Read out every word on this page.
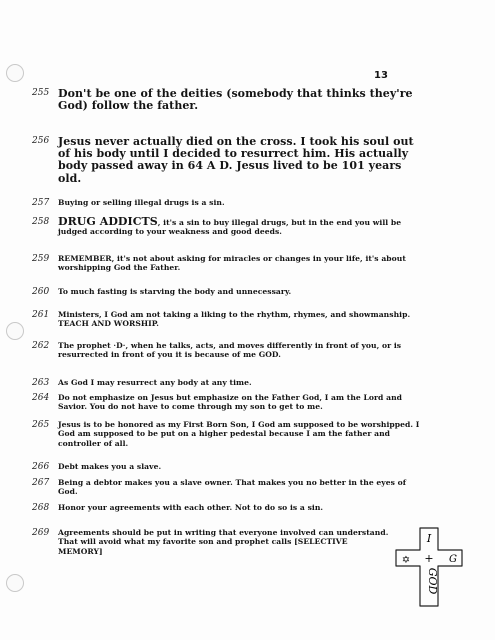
13
255 Don't be one of the deities (somebody that thinks they're God) follow the father.
256 Jesus never actually died on the cross. I took his soul out of his body until I decided to resurrect him. His actually body passed away in 64 A D. Jesus lived to be 101 years old.
257	Buying or selling illegal drugs is a sin.
258 DRUG ADDICTS, it's a sin to buy illegal drugs, but in the end you will be judged according to your weakness and good deeds.
259	REMEMBER, it's not about asking for miracles or changes in your life, it's about worshipping God the Father.
260	To much fasting is starving the body and unnecessary.
261	Ministers, I God am not taking a liking to the rhythm, rhymes, and showmanship. TEACH AND WORSHIP.
262	The prophet ·D·, when he talks, acts, and moves differently in front of you, or is resurrected in front of you it is because of me GOD.
263	As God I may resurrect any body at any time.
264	Do not emphasize on Jesus but emphasize on the Father God, I am the Lord and Savior. You do not have to come through my son to get to me.
265	Jesus is to be honored as my First Born Son, I God am supposed to be worshipped. I God am supposed to be put on a higher pedestal because I am the father and controller of all.
266	Debt makes you a slave.
267	Being a debtor makes you a slave owner. That makes you no better in the eyes of God.
268	Honor your agreements with each other. Not to do so is a sin.
269	Agreements should be put in writing that everyone involved can understand. That will avoid what my favorite son and prophet calls [SELECTIVE MEMORY]
I
+
✡	G
GOD
